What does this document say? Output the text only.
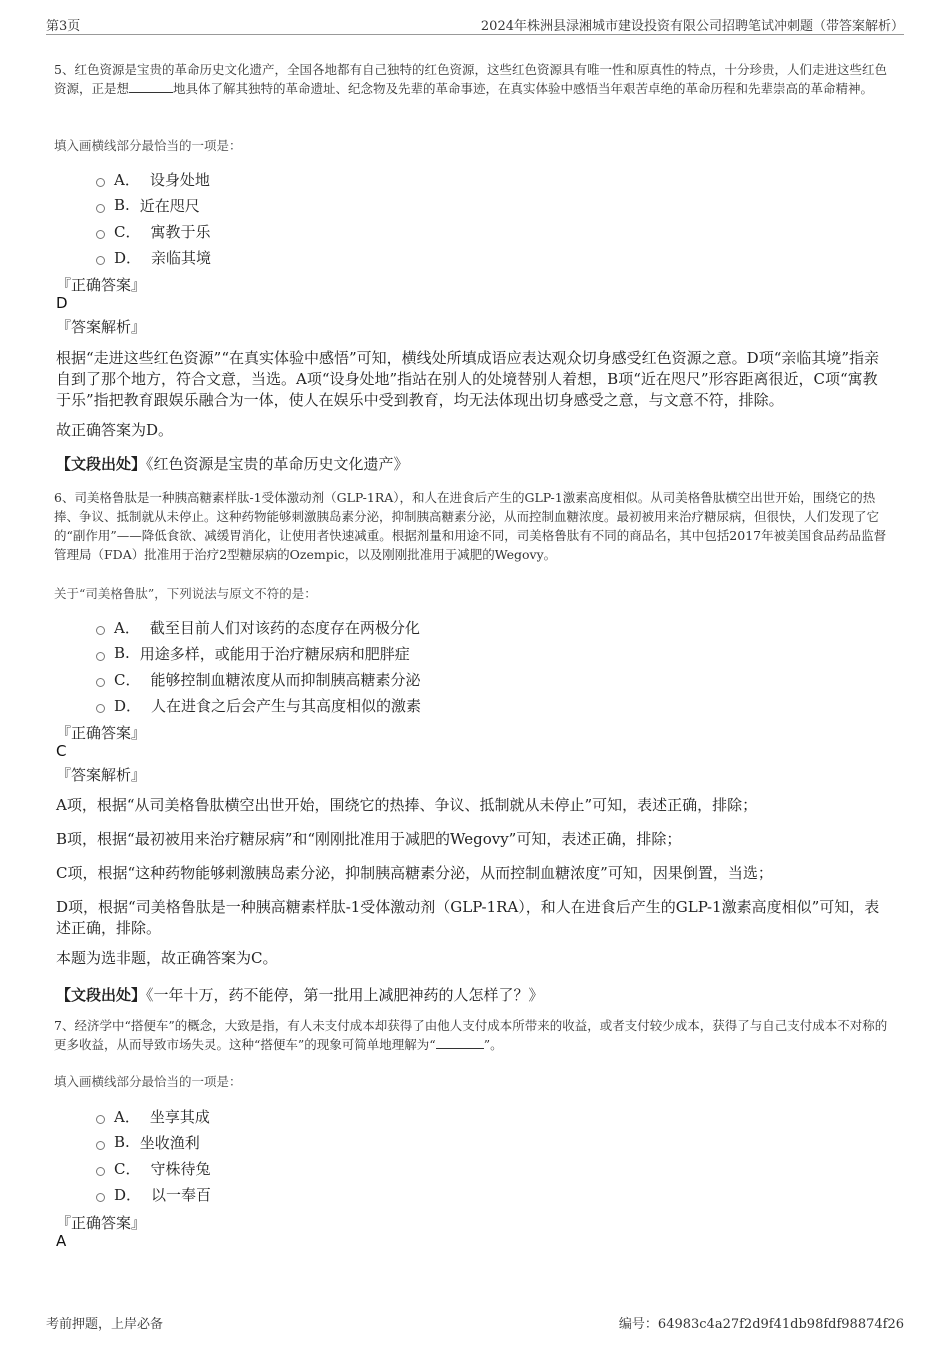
第3页	2024年株洲县渌湘城市建设投资有限公司招聘笔试冲刺题（带答案解析）

5、红色资源是宝贵的革命历史文化遗产，全国各地都有自己独特的红色资源，这些红色资源具有唯一性和原真性的特点，十分珍贵，人们走进这些红色资源，正是想	地具体了解其独特的革命遗址、纪念物及先辈的革命事迹，在真实体验中感悟当年艰苦卓绝的革命历程和先辈崇高的革命精神。

填入画横线部分最恰当的一项是：

A． 设身处地
B. 近在咫尺
C． 寓教于乐
D． 亲临其境
『正确答案』
D
『答案解析』

根据“走进这些红色资源”“在真实体验中感悟”可知，横线处所填成语应表达观众切身感受红色资源之意。D项“亲临其境”指亲自到了那个地方，符合文意，当选。A项“设身处地”指站在别人的处境替别人着想，B项“近在咫尺”形容距离很近，C项“寓教于乐”指把教育跟娱乐融合为一体，使人在娱乐中受到教育，均无法体现出切身感受之意，与文意不符，排除。

故正确答案为D。

【文段出处】《红色资源是宝贵的革命历史文化遗产》

6、司美格鲁肽是一种胰高糖素样肽-1受体激动剂（GLP-1RA），和人在进食后产生的GLP-1激素高度相似。从司美格鲁肽横空出世开始，围绕它的热捧、争议、抵制就从未停止。这种药物能够刺激胰岛素分泌，抑制胰高糖素分泌，从而控制血糖浓度。最初被用来治疗糖尿病，但很快，人们发现了它的“副作用”——降低食欲、减缓胃消化，让使用者快速减重。根据剂量和用途不同，司美格鲁肽有不同的商品名，其中包括2017年被美国食品药品监督管理局（FDA）批准用于治疗2型糖尿病的Ozempic，以及刚刚批准用于减肥的Wegovy。

关于“司美格鲁肽”，下列说法与原文不符的是：

A． 截至目前人们对该药的态度存在两极分化
B. 用途多样，或能用于治疗糖尿病和肥胖症
C． 能够控制血糖浓度从而抑制胰高糖素分泌
D． 人在进食之后会产生与其高度相似的激素
『正确答案』
C
『答案解析』

A项，根据“从司美格鲁肽横空出世开始，围绕它的热捧、争议、抵制就从未停止”可知，表述正确，排除；

B项，根据“最初被用来治疗糖尿病”和“刚刚批准用于减肥的Wegovy”可知，表述正确，排除；

C项，根据“这种药物能够刺激胰岛素分泌，抑制胰高糖素分泌，从而控制血糖浓度”可知，因果倒置，当选；

D项，根据“司美格鲁肽是一种胰高糖素样肽-1受体激动剂（GLP-1RA），和人在进食后产生的GLP-1激素高度相似”可知，表述正确，排除。

本题为选非题，故正确答案为C。

【文段出处】《一年十万，药不能停，第一批用上减肥神药的人怎样了？》

7、经济学中“搭便车”的概念，大致是指，有人未支付成本却获得了由他人支付成本所带来的收益，或者支付较少成本，获得了与自己支付成本不对称的更多收益，从而导致市场失灵。这种“搭便车”的现象可简单地理解为“	”。

填入画横线部分最恰当的一项是：

A． 坐享其成
B. 坐收渔利
C． 守株待兔
D． 以一奉百
『正确答案』
A
考前押题，上岸必备	编号：64983c4a27f2d9f41db98fdf98874f26
